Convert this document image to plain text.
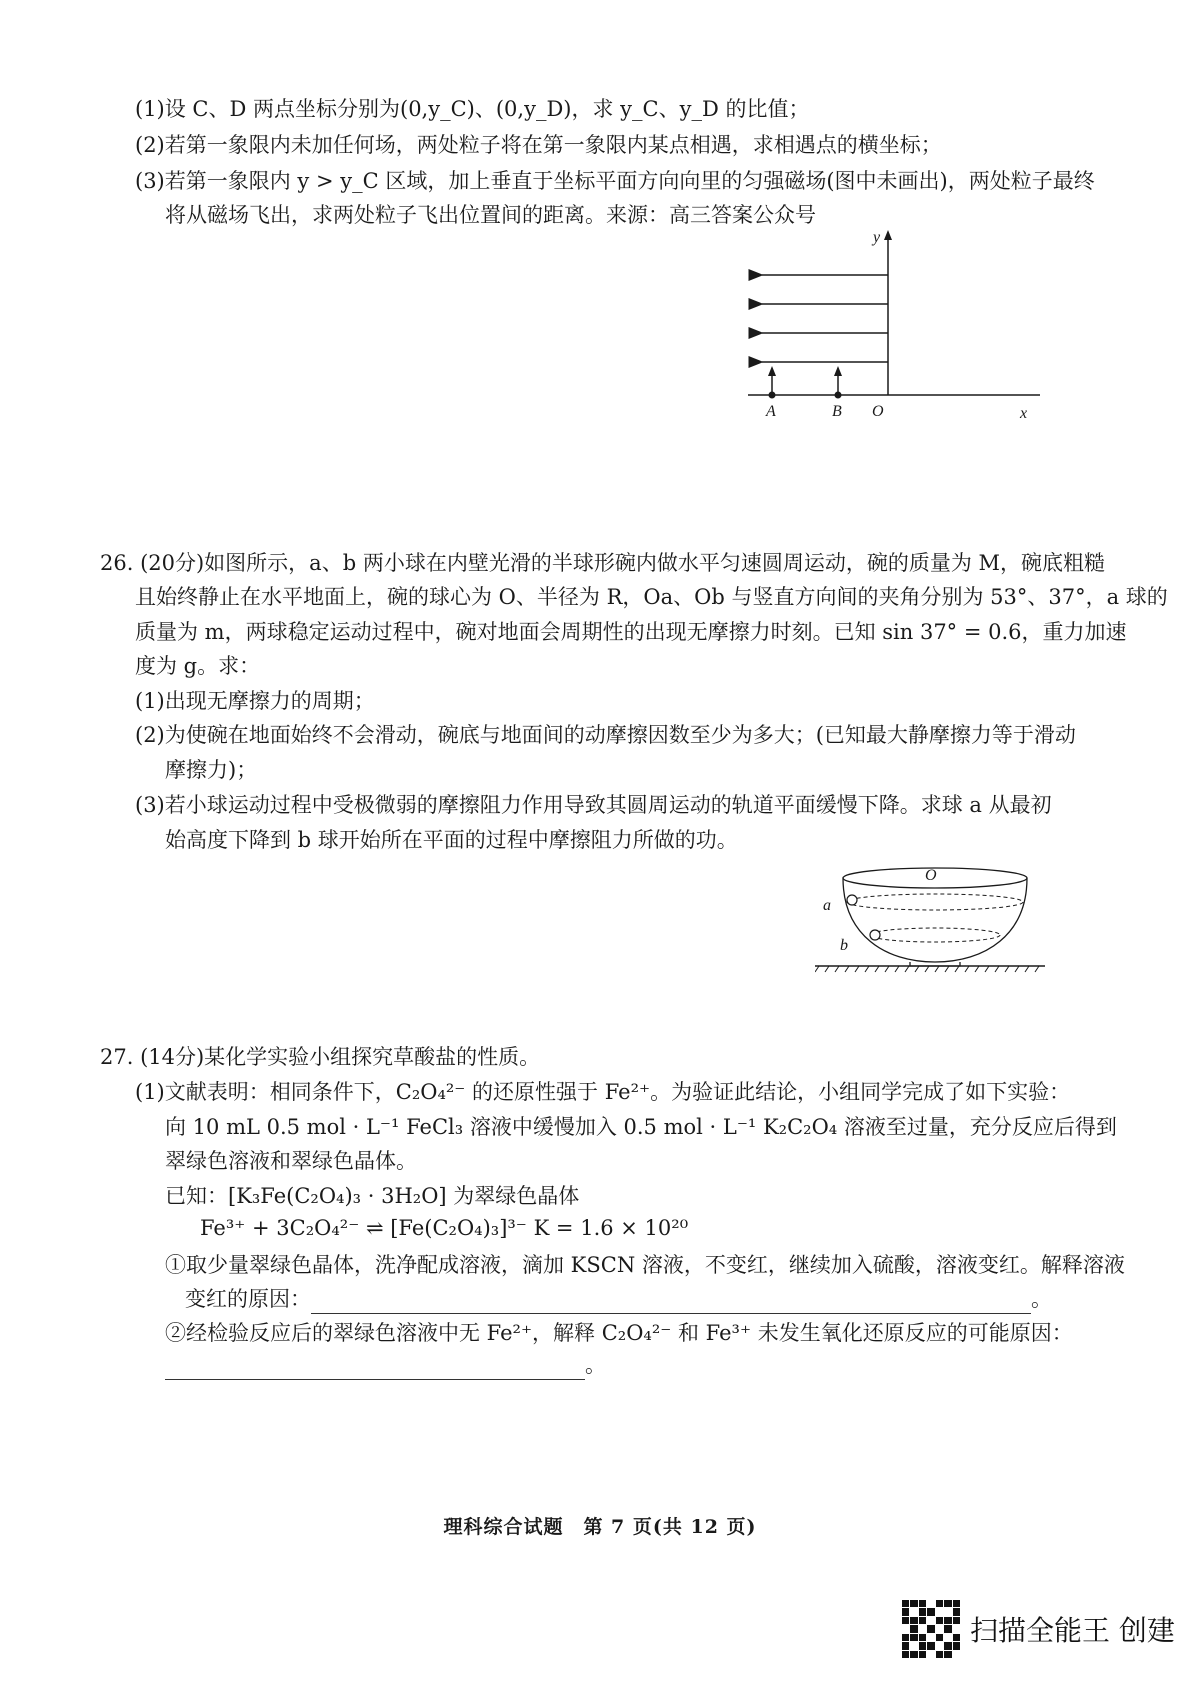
(1)设 C、D 两点坐标分别为(0,y_C)、(0,y_D)，求 y_C、y_D 的比值；
(2)若第一象限内未加任何场，两处粒子将在第一象限内某点相遇，求相遇点的横坐标；
(3)若第一象限内 y > y_C 区域，加上垂直于坐标平面方向向里的匀强磁场(图中未画出)，两处粒子最终
将从磁场飞出，求两处粒子飞出位置间的距离。来源：高三答案公众号
y
x
A	B O
26. (20分)如图所示，a、b 两小球在内壁光滑的半球形碗内做水平匀速圆周运动，碗的质量为 M，碗底粗糙
且始终静止在水平地面上，碗的球心为 O、半径为 R，Oa、Ob 与竖直方向间的夹角分别为 53°、37°，a 球的
质量为 m，两球稳定运动过程中，碗对地面会周期性的出现无摩擦力时刻。已知 sin 37° = 0.6，重力加速
度为 g。求：
(1)出现无摩擦力的周期；
(2)为使碗在地面始终不会滑动，碗底与地面间的动摩擦因数至少为多大；(已知最大静摩擦力等于滑动
摩擦力)；
(3)若小球运动过程中受极微弱的摩擦阻力作用导致其圆周运动的轨道平面缓慢下降。求球 a 从最初
始高度下降到 b 球开始所在平面的过程中摩擦阻力所做的功。
O
a
b
27. (14分)某化学实验小组探究草酸盐的性质。
(1)文献表明：相同条件下，C₂O₄²⁻ 的还原性强于 Fe²⁺。为验证此结论，小组同学完成了如下实验：
向 10 mL 0.5 mol · L⁻¹ FeCl₃ 溶液中缓慢加入 0.5 mol · L⁻¹ K₂C₂O₄ 溶液至过量，充分反应后得到
翠绿色溶液和翠绿色晶体。
已知：[K₃Fe(C₂O₄)₃ · 3H₂O] 为翠绿色晶体
Fe³⁺ + 3C₂O₄²⁻ ⇌ [Fe(C₂O₄)₃]³⁻ K = 1.6 × 10²⁰
①取少量翠绿色晶体，洗净配成溶液，滴加 KSCN 溶液，不变红，继续加入硫酸，溶液变红。解释溶液
变红的原因：	。
②经检验反应后的翠绿色溶液中无 Fe²⁺，解释 C₂O₄²⁻ 和 Fe³⁺ 未发生氧化还原反应的可能原因：
。
理科综合试题　第 7 页(共 12 页)
扫描全能王 创建
